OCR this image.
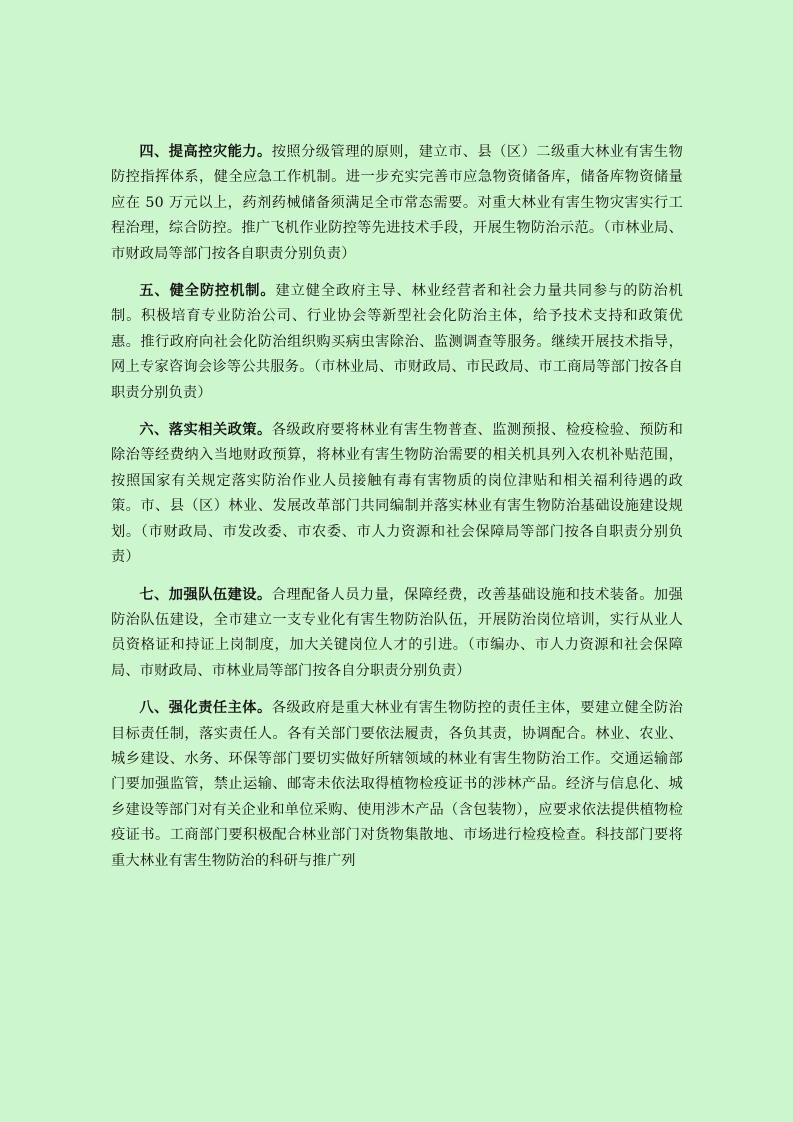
四、提高控灾能力。按照分级管理的原则，建立市、县（区）二级重大林业有害生物防控指挥体系，健全应急工作机制。进一步充实完善市应急物资储备库，储备库物资储量应在 50 万元以上，药剂药械储备须满足全市常态需要。对重大林业有害生物灾害实行工程治理，综合防控。推广飞机作业防控等先进技术手段，开展生物防治示范。（市林业局、市财政局等部门按各自职责分别负责）

五、健全防控机制。建立健全政府主导、林业经营者和社会力量共同参与的防治机制。积极培育专业防治公司、行业协会等新型社会化防治主体，给予技术支持和政策优惠。推行政府向社会化防治组织购买病虫害除治、监测调查等服务。继续开展技术指导，网上专家咨询会诊等公共服务。（市林业局、市财政局、市民政局、市工商局等部门按各自职责分别负责）

六、落实相关政策。各级政府要将林业有害生物普查、监测预报、检疫检验、预防和除治等经费纳入当地财政预算，将林业有害生物防治需要的相关机具列入农机补贴范围，按照国家有关规定落实防治作业人员接触有毒有害物质的岗位津贴和相关福利待遇的政策。市、县（区）林业、发展改革部门共同编制并落实林业有害生物防治基础设施建设规划。（市财政局、市发改委、市农委、市人力资源和社会保障局等部门按各自职责分别负责）

七、加强队伍建设。合理配备人员力量，保障经费，改善基础设施和技术装备。加强防治队伍建设，全市建立一支专业化有害生物防治队伍，开展防治岗位培训，实行从业人员资格证和持证上岗制度，加大关键岗位人才的引进。（市编办、市人力资源和社会保障局、市财政局、市林业局等部门按各自分职责分别负责）

八、强化责任主体。各级政府是重大林业有害生物防控的责任主体，要建立健全防治目标责任制，落实责任人。各有关部门要依法履责，各负其责，协调配合。林业、农业、城乡建设、水务、环保等部门要切实做好所辖领域的林业有害生物防治工作。交通运输部门要加强监管，禁止运输、邮寄未依法取得植物检疫证书的涉林产品。经济与信息化、城乡建设等部门对有关企业和单位采购、使用涉木产品（含包装物），应要求依法提供植物检疫证书。工商部门要积极配合林业部门对货物集散地、市场进行检疫检查。科技部门要将重大林业有害生物防治的科研与推广列
